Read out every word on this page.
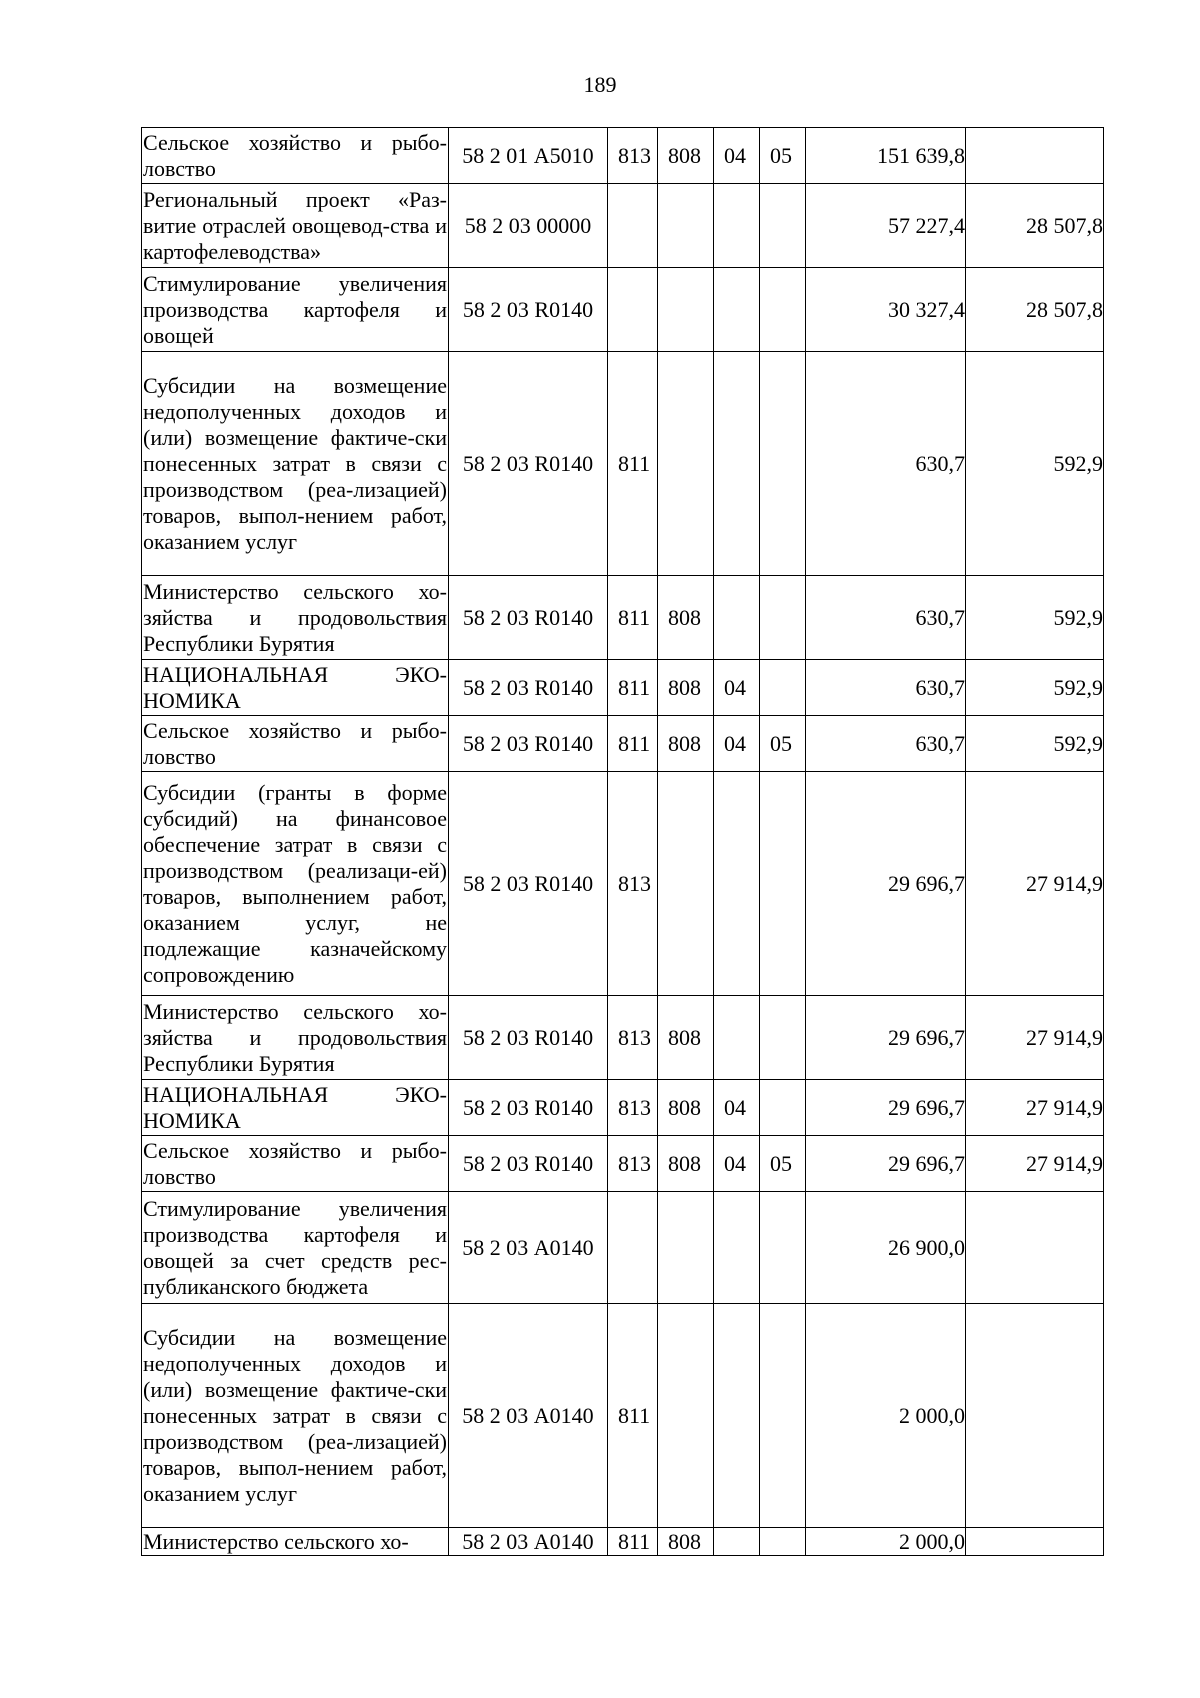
189
Сельское хозяйство и рыбо-ловство	58 2 01 А5010	813	808	04	05	151 639,8	
Региональный проект «Раз-витие отраслей овощевод-ства и картофелеводства»	58 2 03 00000					57 227,4	28 507,8
Стимулирование увеличения производства картофеля и овощей	58 2 03 R0140					30 327,4	28 507,8
Субсидии на возмещение недополученных доходов и (или) возмещение фактиче-ски понесенных затрат в связи с производством (реа-лизацией) товаров, выпол-нением работ, оказанием услуг	58 2 03 R0140	811				630,7	592,9
Министерство сельского хо-зяйства и продовольствия Республики Бурятия	58 2 03 R0140	811	808			630,7	592,9
НАЦИОНАЛЬНАЯ ЭКО-НОМИКА	58 2 03 R0140	811	808	04		630,7	592,9
Сельское хозяйство и рыбо-ловство	58 2 03 R0140	811	808	04	05	630,7	592,9
Субсидии (гранты в форме субсидий) на финансовое обеспечение затрат в связи с производством (реализаци-ей) товаров, выполнением работ, оказанием услуг, не подлежащие казначейскому сопровождению	58 2 03 R0140	813				29 696,7	27 914,9
Министерство сельского хо-зяйства и продовольствия Республики Бурятия	58 2 03 R0140	813	808			29 696,7	27 914,9
НАЦИОНАЛЬНАЯ ЭКО-НОМИКА	58 2 03 R0140	813	808	04		29 696,7	27 914,9
Сельское хозяйство и рыбо-ловство	58 2 03 R0140	813	808	04	05	29 696,7	27 914,9
Стимулирование увеличения производства картофеля и овощей за счет средств рес-публиканского бюджета	58 2 03 А0140					26 900,0	
Субсидии на возмещение недополученных доходов и (или) возмещение фактиче-ски понесенных затрат в связи с производством (реа-лизацией) товаров, выпол-нением работ, оказанием услуг	58 2 03 А0140	811				2 000,0	
Министерство сельского хо-	58 2 03 А0140	811	808			2 000,0	
